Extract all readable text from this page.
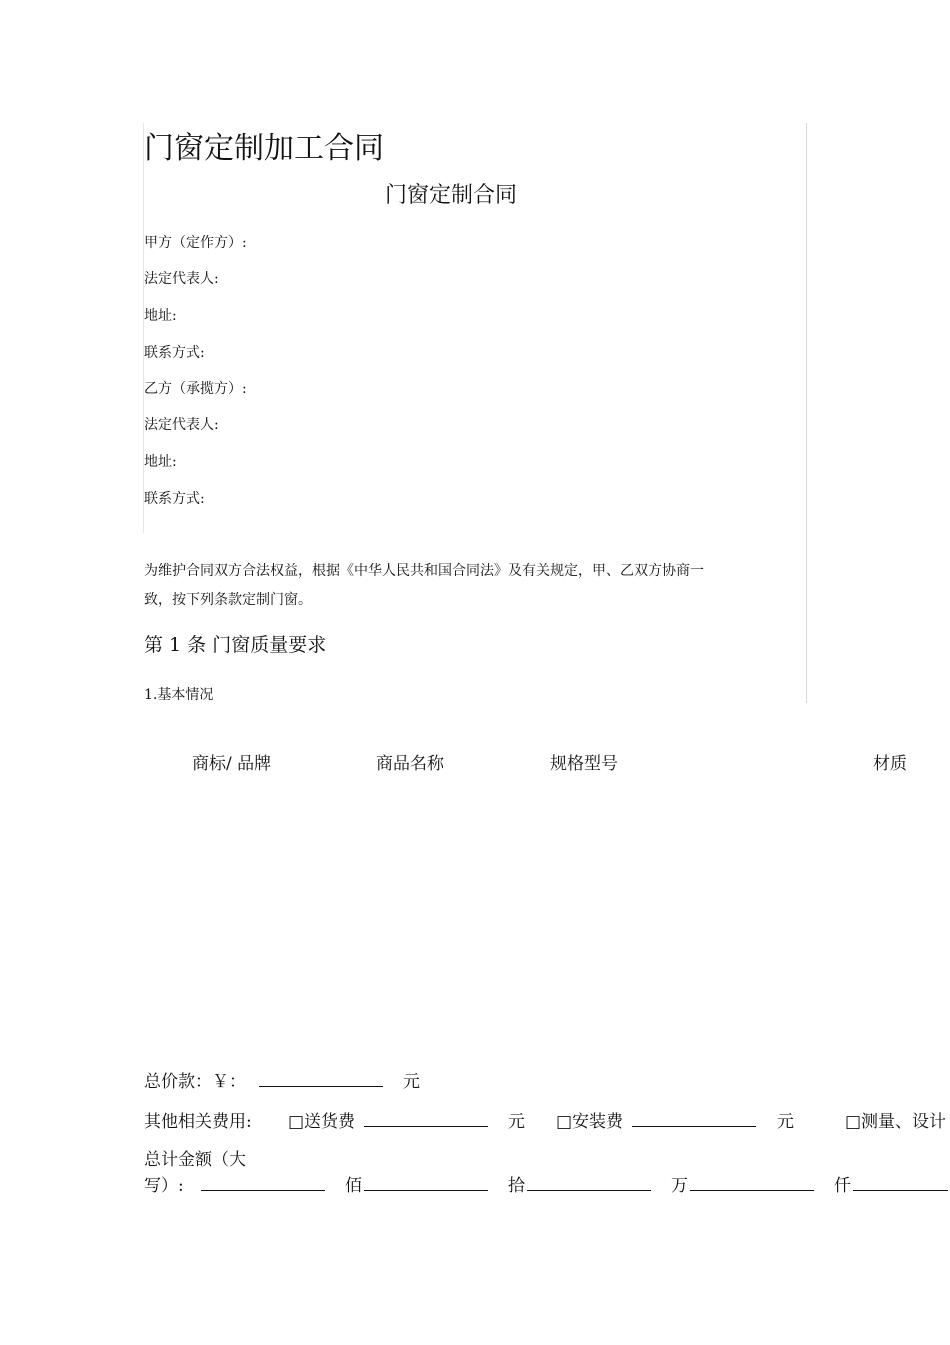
门窗定制加工合同
门窗定制合同
甲方（定作方）:
法定代表人:
地址:
联系方式:
乙方（承揽方）:
法定代表人:
地址:
联系方式:
为维护合同双方合法权益，根据《中华人民共和国合同法》及有关规定，甲、乙双方协商一
致，按下列条款定制门窗。
第 1 条 门窗质量要求
1.基本情况
商标/ 品牌	商品名称	规格型号	材质
总价款：￥：	元
其他相关费用: □送货费	元 □安装费	元	□测量、设计
总计金额（大
写）:	佰	拾	万	仟
